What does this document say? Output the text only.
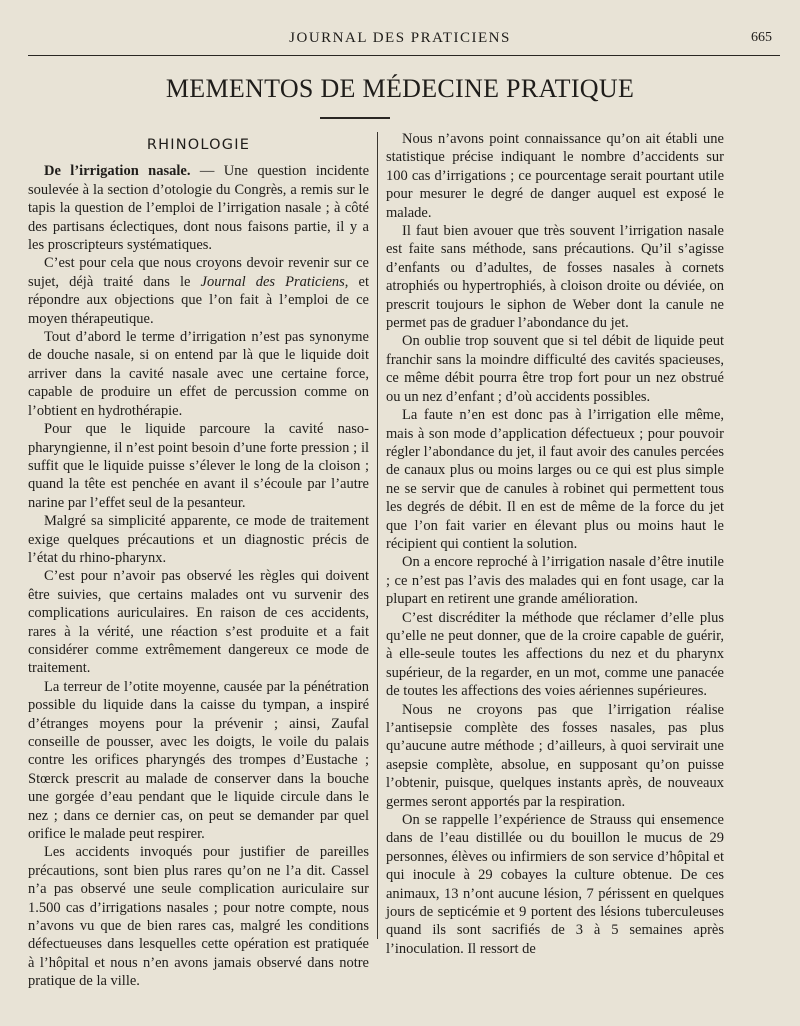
JOURNAL DES PRATICIENS	665
MEMENTOS DE MÉDECINE PRATIQUE
RHINOLOGIE

De l’irrigation nasale. — Une question incidente soulevée à la section d’otologie du Congrès, a remis sur le tapis la question de l’emploi de l’irrigation nasale ; à côté des partisans éclectiques, dont nous faisons partie, il y a les proscripteurs systématiques.

C’est pour cela que nous croyons devoir revenir sur ce sujet, déjà traité dans le Journal des Praticiens, et répondre aux objections que l’on fait à l’emploi de ce moyen thérapeutique.

Tout d’abord le terme d’irrigation n’est pas synonyme de douche nasale, si on entend par là que le liquide doit arriver dans la cavité nasale avec une certaine force, capable de produire un effet de percussion comme on l’obtient en hydrothérapie.

Pour que le liquide parcoure la cavité naso-pharyngienne, il n’est point besoin d’une forte pression ; il suffit que le liquide puisse s’élever le long de la cloison ; quand la tête est penchée en avant il s’écoule par l’autre narine par l’effet seul de la pesanteur.

Malgré sa simplicité apparente, ce mode de traitement exige quelques précautions et un diagnostic précis de l’état du rhino-pharynx.

C’est pour n’avoir pas observé les règles qui doivent être suivies, que certains malades ont vu survenir des complications auriculaires. En raison de ces accidents, rares à la vérité, une réaction s’est produite et a fait considérer comme extrêmement dangereux ce mode de traitement.

La terreur de l’otite moyenne, causée par la pénétration possible du liquide dans la caisse du tympan, a inspiré d’étranges moyens pour la prévenir ; ainsi, Zaufal conseille de pousser, avec les doigts, le voile du palais contre les orifices pharyngés des trompes d’Eustache ; Stœrck prescrit au malade de conserver dans la bouche une gorgée d’eau pendant que le liquide circule dans le nez ; dans ce dernier cas, on peut se demander par quel orifice le malade peut respirer.

Les accidents invoqués pour justifier de pareilles précautions, sont bien plus rares qu’on ne l’a dit. Cassel n’a pas observé une seule complication auriculaire sur 1.500 cas d’irrigations nasales ; pour notre compte, nous n’avons vu que de bien rares cas, malgré les conditions défectueuses dans lesquelles cette opération est pratiquée à l’hôpital et nous n’en avons jamais observé dans notre pratique de la ville.

Nous n’avons point connaissance qu’on ait établi une statistique précise indiquant le nombre d’accidents sur 100 cas d’irrigations ; ce pourcentage serait pourtant utile pour mesurer le degré de danger auquel est exposé le malade.

Il faut bien avouer que très souvent l’irrigation nasale est faite sans méthode, sans précautions. Qu’il s’agisse d’enfants ou d’adultes, de fosses nasales à cornets atrophiés ou hypertrophiés, à cloison droite ou déviée, on prescrit toujours le siphon de Weber dont la canule ne permet pas de graduer l’abondance du jet.

On oublie trop souvent que si tel débit de liquide peut franchir sans la moindre difficulté des cavités spacieuses, ce même débit pourra être trop fort pour un nez obstrué ou un nez d’enfant ; d’où accidents possibles.

La faute n’en est donc pas à l’irrigation elle même, mais à son mode d’application défectueux ; pour pouvoir régler l’abondance du jet, il faut avoir des canules percées de canaux plus ou moins larges ou ce qui est plus simple ne se servir que de canules à robinet qui permettent tous les degrés de débit. Il en est de même de la force du jet que l’on fait varier en élevant plus ou moins haut le récipient qui contient la solution.

On a encore reproché à l’irrigation nasale d’être inutile ; ce n’est pas l’avis des malades qui en font usage, car la plupart en retirent une grande amélioration.

C’est discréditer la méthode que réclamer d’elle plus qu’elle ne peut donner, que de la croire capable de guérir, à elle-seule toutes les affections du nez et du pharynx supérieur, de la regarder, en un mot, comme une panacée de toutes les affections des voies aériennes supérieures.

Nous ne croyons pas que l’irrigation réalise l’antisepsie complète des fosses nasales, pas plus qu’aucune autre méthode ; d’ailleurs, à quoi servirait une asepsie complète, absolue, en supposant qu’on puisse l’obtenir, puisque, quelques instants après, de nouveaux germes seront apportés par la respiration.

On se rappelle l’expérience de Strauss qui ensemence dans de l’eau distillée ou du bouillon le mucus de 29 personnes, élèves ou infirmiers de son service d’hôpital et qui inocule à 29 cobayes la culture obtenue. De ces animaux, 13 n’ont aucune lésion, 7 périssent en quelques jours de septicémie et 9 portent des lésions tuberculeuses quand ils sont sacrifiés de 3 à 5 semaines après l’inoculation. Il ressort de
